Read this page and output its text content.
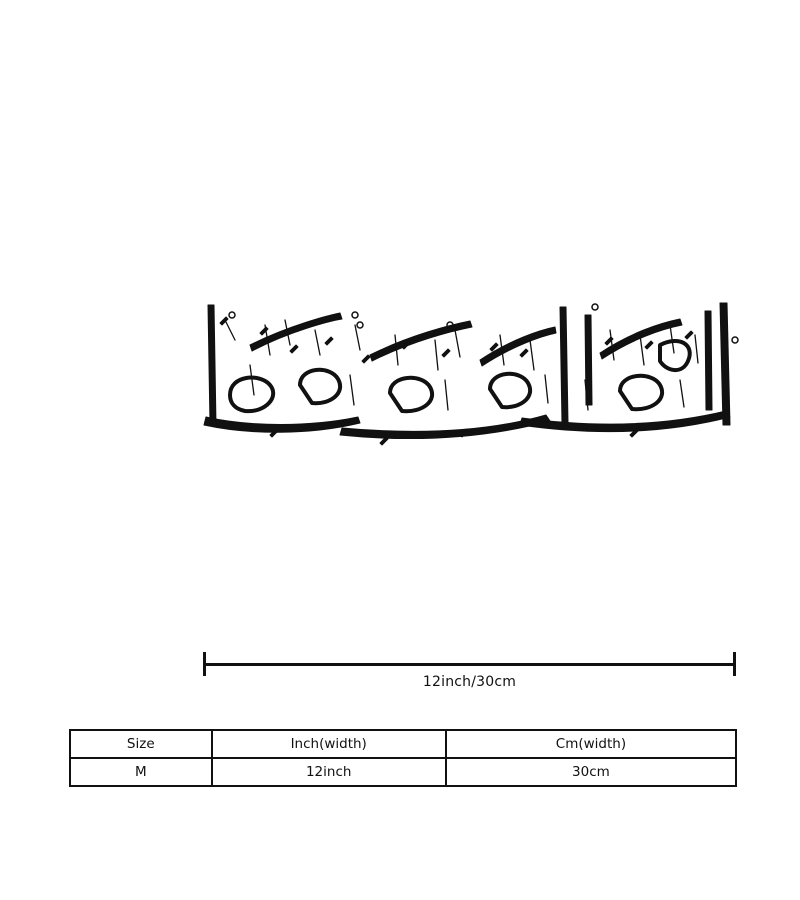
12inch/30cm
Size	Inch(width)	Cm(width)
M	12inch	30cm
